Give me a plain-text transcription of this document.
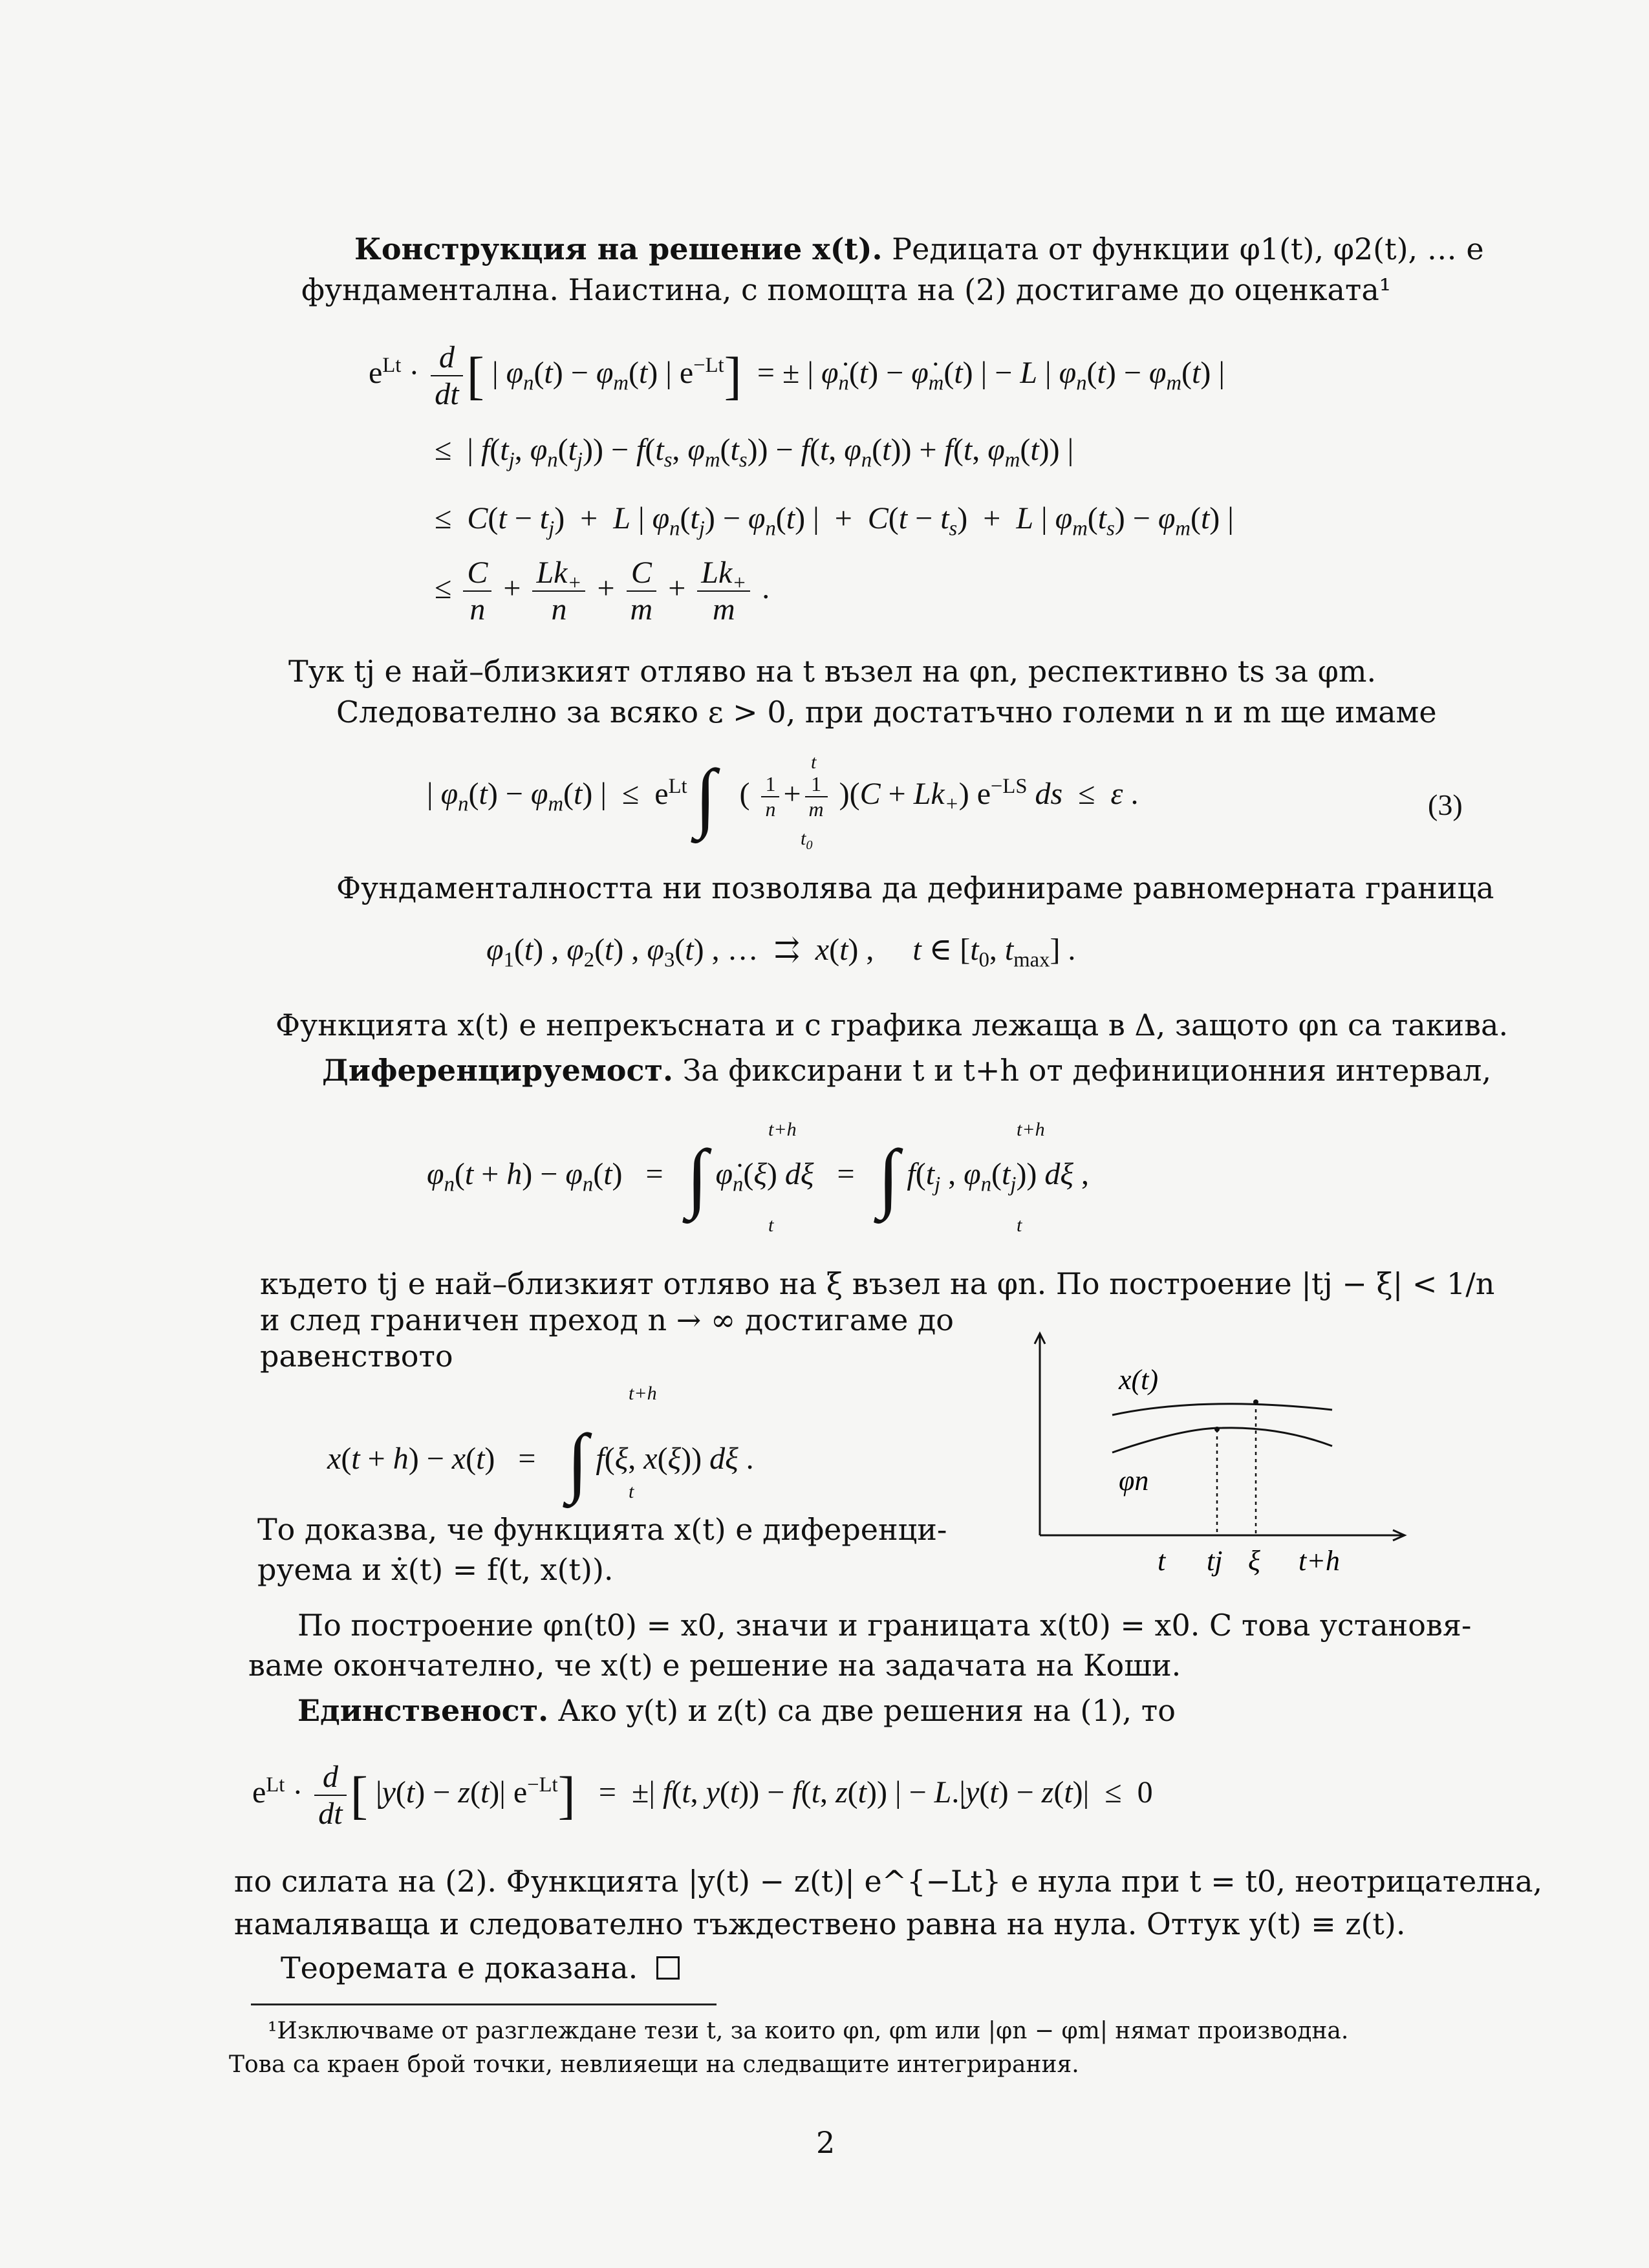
Конструкция на решение x(t). Редицата от функции φ1(t), φ2(t), … е
фундаментална. Наистина, с помощта на (2) достигаме до оценката¹
$e^{Lt} \cdot \frac{d}{dt}$ [ | $\varphi_n(t) - \varphi_m(t)$ | $e^{-Lt}$]  = ± | $\varphi̇_n(t)$ − $\varphi̇_m(t)$ | − L | $\varphi_n(t) - \varphi_m(t)$ |
≤  | $f(t_j$, $\varphi_n(t_j)) - f(t_s$, $\varphi_m(t_s)) - f(t$, $\varphi_n(t)) + f(t$, $\varphi_m(t)$) |
≤  $C(t - t_j) + L$ | $\varphi_n(t_j) - \varphi_n(t)$ |  +  $C(t - t_s) + L$ | $\varphi_m(t_s) - \varphi_m(t)$ |
≤ $\frac{C}{n} + \frac{Lk_+}{n} + \frac{C}{m} + \frac{Lk_+}{m}$ .
Тук tj е най–близкият отляво на t възел на φn, респективно ts за φm.
Следователно за всяко ε > 0, при достатъчно големи n и m ще имаме
| $\varphi_n(t) - \varphi_m(t)$ |  ≤  $e^{Lt}$ ∫   ( $\frac{1}{n} + \frac{1}{m} )(C + Lk_+)$ $e^{-LS}$ ds  ≤  ε .
t
$t_0$
(3)
Фундаменталността ни позволява да дефинираме равномерната граница
$\varphi_1(t)$ , $\varphi_2(t)$ , $\varphi_3(t)$ , …  ⇉  x(t) ,     t ∈ [$t_0$, $t_{max}$] .
Функцията x(t) е непрекъсната и с графика лежаща в Δ, защото φn са такива.
Диференцируемост. За фиксирани t и t+h от дефиниционния интервал,
$\varphi_n(t + h) - \varphi_n(t)$   =   ∫ $\varphi̇_n(\xi) d\xi$   =   ∫ $f(t_j$ , $\varphi_n(t_j)$) dξ ,
t+h
t
t+h
t
където tj е най–близкият отляво на ξ възел на φn. По построение |tj − ξ| < 1/n
и след граничен преход n → ∞ достигаме до
равенството
x(t + h) − x(t)   =    ∫ f(ξ, x(ξ)) dξ .
t+h
t
x(t)
φn
t tj ξ t+h
То доказва, че функцията x(t) е диференци-
руема и ẋ(t) = f(t, x(t)).
По построение φn(t0) = x0, значи и границата x(t0) = x0. С това установя-
ваме окончателно, че x(t) е решение на задачата на Коши.
Единственост. Ако y(t) и z(t) са две решения на (1), то
$e^{Lt} \cdot \frac{d}{dt}$ [ |y(t) − z(t)| $e^{-Lt}$]   =  ±| f(t, y(t)) − f(t, z(t)) | − L.|y(t) − z(t)|  ≤  0
по силата на (2). Функцията |y(t) − z(t)| e^{−Lt} е нула при t = t0, неотрицателна,
намаляваща и следователно тъждествено равна на нула. Оттук y(t) ≡ z(t).
Теоремата е доказана.
¹Изключваме от разглеждане тези t, за които φn, φm или |φn − φm| нямат производна.
Това са краен брой точки, невлияещи на следващите интегрирания.
2
